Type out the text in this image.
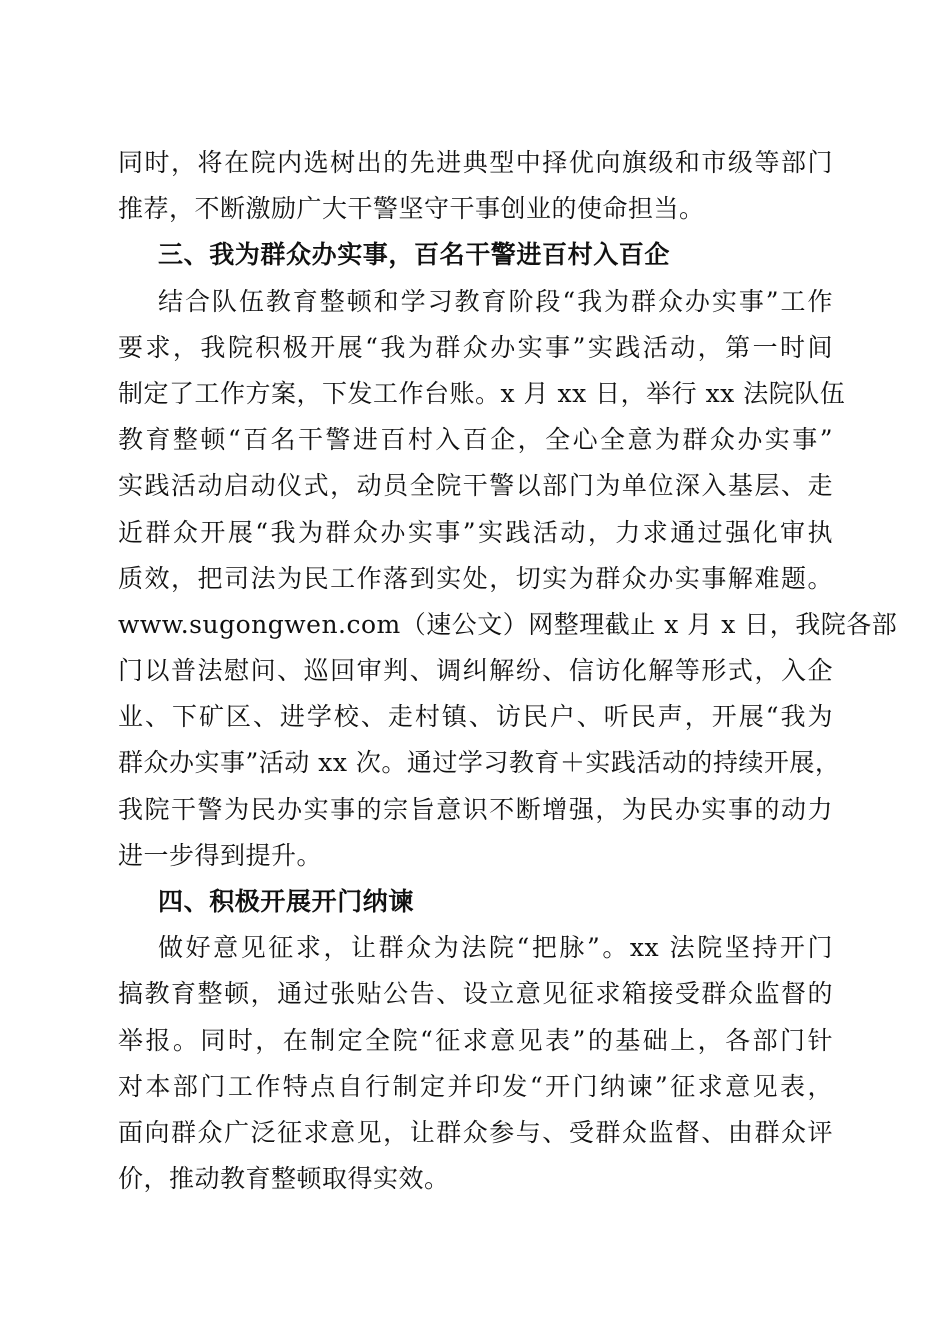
同时，将在院内选树出的先进典型中择优向旗级和市级等部门
推荐，不断激励广大干警坚守干事创业的使命担当。
三、我为群众办实事，百名干警进百村入百企
结合队伍教育整顿和学习教育阶段“我为群众办实事”工作
要求，我院积极开展“我为群众办实事”实践活动，第一时间
制定了工作方案，下发工作台账。x 月 xx 日，举行 xx 法院队伍
教育整顿“百名干警进百村入百企，全心全意为群众办实事”
实践活动启动仪式，动员全院干警以部门为单位深入基层、走
近群众开展“我为群众办实事”实践活动，力求通过强化审执
质效，把司法为民工作落到实处，切实为群众办实事解难题。
www.sugongwen.com（速公文）网整理截止 x 月 x 日，我院各部
门以普法慰问、巡回审判、调纠解纷、信访化解等形式，入企
业、下矿区、进学校、走村镇、访民户、听民声，开展“我为
群众办实事”活动 xx 次。通过学习教育＋实践活动的持续开展，
我院干警为民办实事的宗旨意识不断增强，为民办实事的动力
进一步得到提升。
四、积极开展开门纳谏
做好意见征求，让群众为法院“把脉”。xx 法院坚持开门
搞教育整顿，通过张贴公告、设立意见征求箱接受群众监督的
举报。同时，在制定全院“征求意见表”的基础上，各部门针
对本部门工作特点自行制定并印发“开门纳谏”征求意见表，
面向群众广泛征求意见，让群众参与、受群众监督、由群众评
价，推动教育整顿取得实效。
